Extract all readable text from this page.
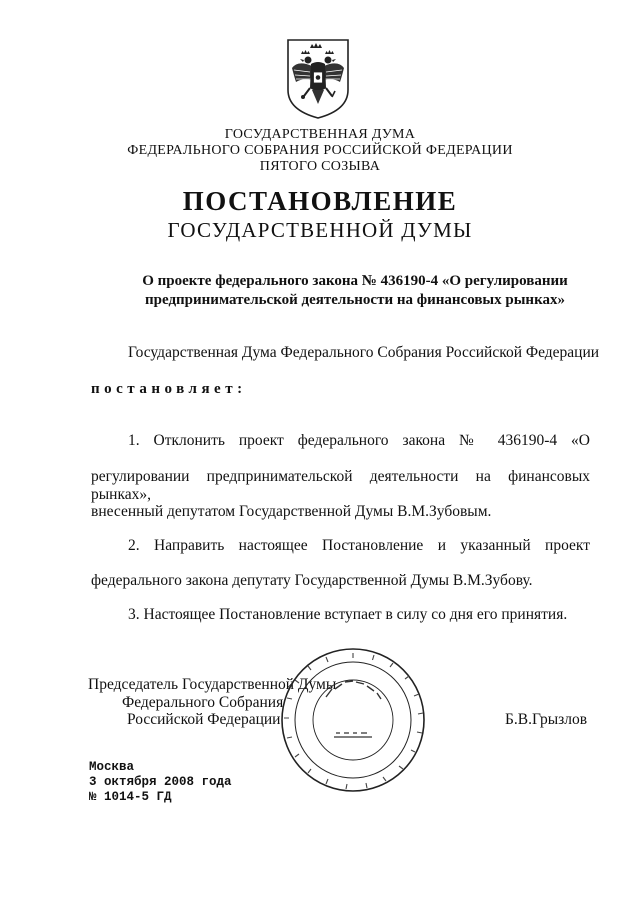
ГОСУДАРСТВЕННАЯ ДУМА
ФЕДЕРАЛЬНОГО СОБРАНИЯ РОССИЙСКОЙ ФЕДЕРАЦИИ
ПЯТОГО СОЗЫВА
ПОСТАНОВЛЕНИЕ
ГОСУДАРСТВЕННОЙ ДУМЫ
О проекте федерального закона № 436190-4 «О регулировании
предпринимательской деятельности на финансовых рынках»
Государственная Дума Федерального Собрания Российской Федерации
постановляет:
1. Отклонить проект федерального закона № 436190-4 «О
регулировании предпринимательской деятельности на финансовых рынках»,
внесенный депутатом Государственной Думы В.М.Зубовым.
2. Направить настоящее Постановление и указанный проект
федерального закона депутату Государственной Думы В.М.Зубову.
3. Настоящее Постановление вступает в силу со дня его принятия.
Председатель Государственной Думы
Федерального Собрания
Российской Федерации	Б.В.Грызлов
Москва
3 октября 2008 года
№ 1014-5 ГД
